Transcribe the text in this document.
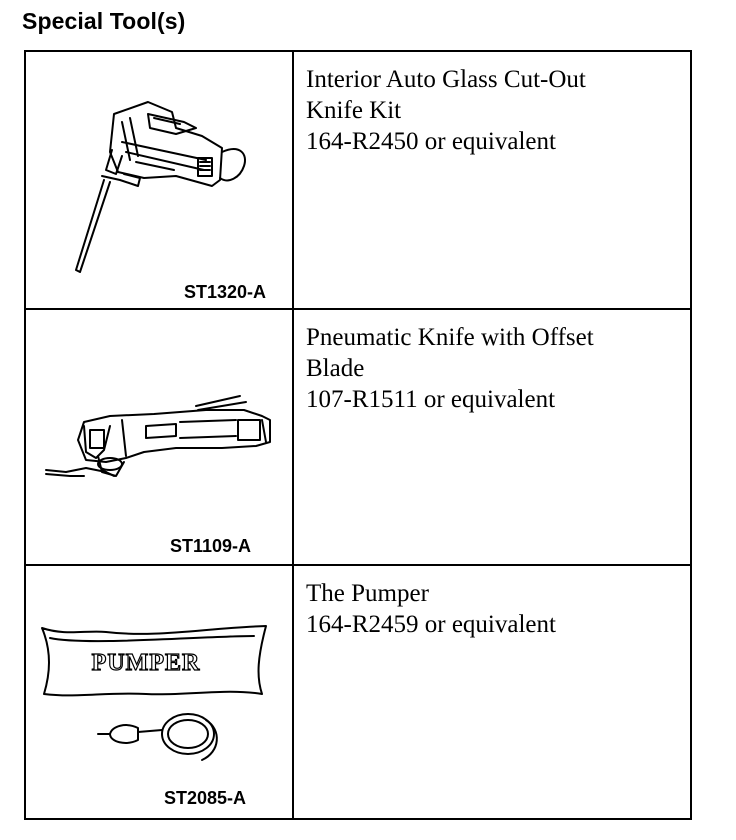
Special Tool(s)
ST1320-A
Interior Auto Glass Cut-Out
Knife Kit
164-R2450 or equivalent
ST1109-A
Pneumatic Knife with Offset
Blade
107-R1511 or equivalent
PUMPER
ST2085-A
The Pumper
164-R2459 or equivalent
